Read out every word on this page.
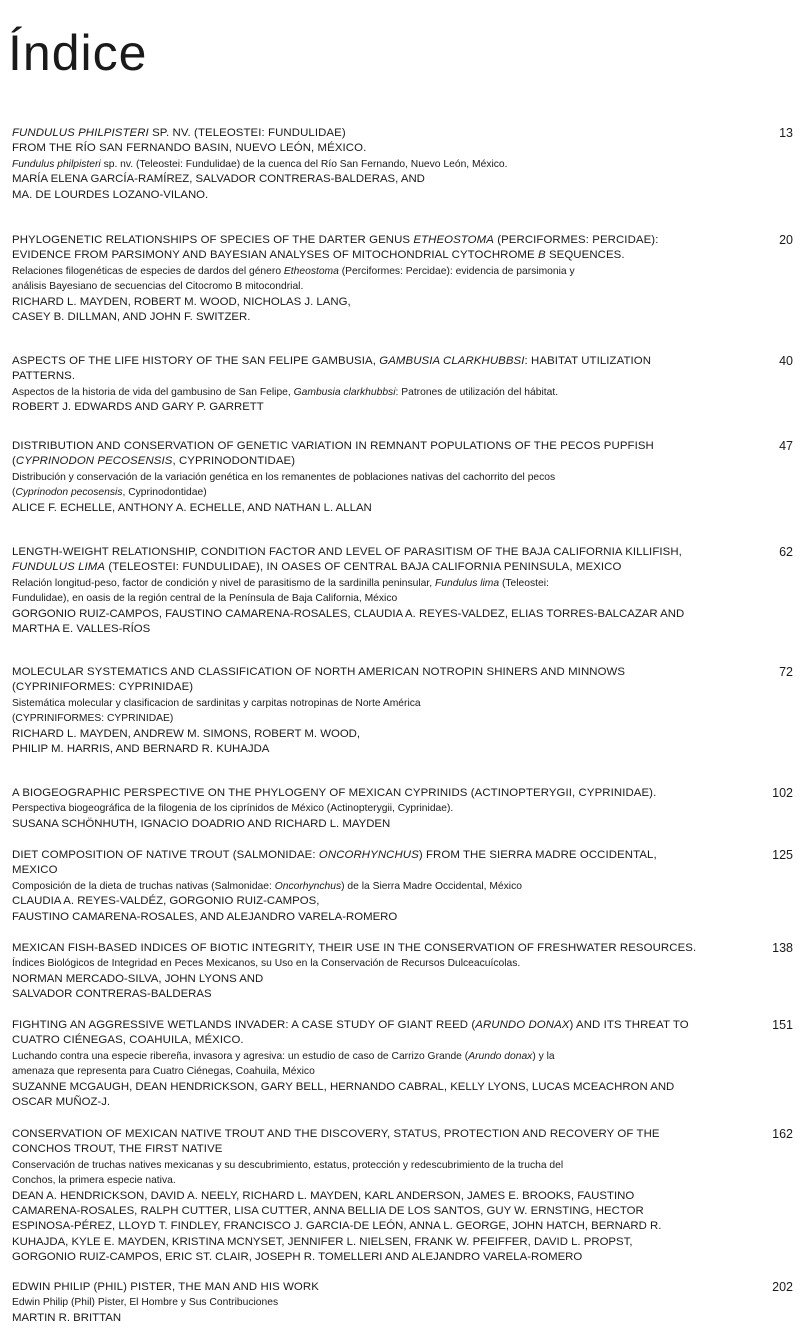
Índice
13
FUNDULUS PHILPISTERI SP. NV. (TELEOSTEI: FUNDULIDAE)
FROM THE RÍO SAN FERNANDO BASIN, NUEVO LEÓN, MÉXICO.
Fundulus philpisteri sp. nv. (Teleostei: Fundulidae) de la cuenca del Río San Fernando, Nuevo León, México.
MARÍA ELENA GARCÍA-RAMÍREZ, SALVADOR CONTRERAS-BALDERAS, AND
MA. DE LOURDES LOZANO-VILANO.
20
PHYLOGENETIC RELATIONSHIPS OF SPECIES OF THE DARTER GENUS ETHEOSTOMA (PERCIFORMES: PERCIDAE):
EVIDENCE FROM PARSIMONY AND BAYESIAN ANALYSES OF MITOCHONDRIAL CYTOCHROME B SEQUENCES.
Relaciones filogenéticas de especies de dardos del género Etheostoma (Perciformes: Percidae): evidencia de parsimonia y
análisis Bayesiano de secuencias del Citocromo B mitocondrial.
RICHARD L. MAYDEN, ROBERT M. WOOD, NICHOLAS J. LANG,
CASEY B. DILLMAN, AND JOHN F. SWITZER.
40
ASPECTS OF THE LIFE HISTORY OF THE SAN FELIPE GAMBUSIA, GAMBUSIA CLARKHUBBSI: HABITAT UTILIZATION
PATTERNS.
Aspectos de la historia de vida del gambusino de San Felipe, Gambusia clarkhubbsi: Patrones de utilización del hábitat.
ROBERT J. EDWARDS AND GARY P. GARRETT
47
DISTRIBUTION AND CONSERVATION OF GENETIC VARIATION IN REMNANT POPULATIONS OF THE PECOS PUPFISH
(CYPRINODON PECOSENSIS, CYPRINODONTIDAE)
Distribución y conservación de la variación genética en los remanentes de poblaciones nativas del cachorrito del pecos
(Cyprinodon pecosensis, Cyprinodontidae)
ALICE F. ECHELLE, ANTHONY A. ECHELLE, AND NATHAN L. ALLAN
62
LENGTH-WEIGHT RELATIONSHIP, CONDITION FACTOR AND LEVEL OF PARASITISM OF THE BAJA CALIFORNIA KILLIFISH,
FUNDULUS LIMA (TELEOSTEI: FUNDULIDAE), IN OASES OF CENTRAL BAJA CALIFORNIA PENINSULA, MEXICO
Relación longitud-peso, factor de condición y nivel de parasitismo de la sardinilla peninsular, Fundulus lima (Teleostei:
Fundulidae), en oasis de la región central de la Península de Baja California, México
GORGONIO RUIZ-CAMPOS, FAUSTINO CAMARENA-ROSALES, CLAUDIA A. REYES-VALDEZ, ELIAS TORRES-BALCAZAR AND
MARTHA E. VALLES-RÍOS
72
MOLECULAR SYSTEMATICS AND CLASSIFICATION OF NORTH AMERICAN NOTROPIN SHINERS AND MINNOWS
(CYPRINIFORMES: CYPRINIDAE)
Sistemática molecular y clasificacion de sardinitas y carpitas notropinas de Norte América
(CYPRINIFORMES: CYPRINIDAE)
RICHARD L. MAYDEN, ANDREW M. SIMONS, ROBERT M. WOOD,
PHILIP M. HARRIS, AND BERNARD R. KUHAJDA
102
A BIOGEOGRAPHIC PERSPECTIVE ON THE PHYLOGENY OF MEXICAN CYPRINIDS (ACTINOPTERYGII, CYPRINIDAE).
Perspectiva biogeográfica de la filogenia de los ciprínidos de México (Actinopterygii, Cyprinidae).
SUSANA SCHÖNHUTH, IGNACIO DOADRIO AND RICHARD L. MAYDEN
125
DIET COMPOSITION OF NATIVE TROUT (SALMONIDAE: ONCORHYNCHUS) FROM THE SIERRA MADRE OCCIDENTAL,
MEXICO
Composición de la dieta de truchas nativas (Salmonidae: Oncorhynchus) de la Sierra Madre Occidental, México
CLAUDIA A. REYES-VALDÉZ, GORGONIO RUIZ-CAMPOS,
FAUSTINO CAMARENA-ROSALES, AND ALEJANDRO VARELA-ROMERO
138
MEXICAN FISH-BASED INDICES OF BIOTIC INTEGRITY, THEIR USE IN THE CONSERVATION OF FRESHWATER RESOURCES.
Índices Biológicos de Integridad en Peces Mexicanos, su Uso en la Conservación de Recursos Dulceacuícolas.
NORMAN MERCADO-SILVA, JOHN LYONS AND
SALVADOR CONTRERAS-BALDERAS
151
FIGHTING AN AGGRESSIVE WETLANDS INVADER: A CASE STUDY OF GIANT REED (ARUNDO DONAX) AND ITS THREAT TO
CUATRO CIÉNEGAS, COAHUILA, MÉXICO.
Luchando contra una especie ribereña, invasora y agresiva: un estudio de caso de Carrizo Grande (Arundo donax) y la
amenaza que representa para Cuatro Ciénegas, Coahuila, México
SUZANNE MCGAUGH, DEAN HENDRICKSON, GARY BELL, HERNANDO CABRAL, KELLY LYONS, LUCAS MCEACHRON AND
OSCAR MUÑOZ-J.
162
CONSERVATION OF MEXICAN NATIVE TROUT AND THE DISCOVERY, STATUS, PROTECTION AND RECOVERY OF THE
CONCHOS TROUT, THE FIRST NATIVE
Conservación de truchas natives mexicanas y su descubrimiento, estatus, protección y redescubrimiento de la trucha del
Conchos, la primera especie nativa.
DEAN A. HENDRICKSON, DAVID A. NEELY, RICHARD L. MAYDEN, KARL ANDERSON, JAMES E. BROOKS, FAUSTINO
CAMARENA-ROSALES, RALPH CUTTER, LISA CUTTER, ANNA BELLIA DE LOS SANTOS, GUY W. ERNSTING, HECTOR
ESPINOSA-PÉREZ, LLOYD T. FINDLEY, FRANCISCO J. GARCIA-DE LEÓN, ANNA L. GEORGE, JOHN HATCH, BERNARD R.
KUHAJDA, KYLE E. MAYDEN, KRISTINA MCNYSET, JENNIFER L. NIELSEN, FRANK W. PFEIFFER, DAVID L. PROPST,
GORGONIO RUIZ-CAMPOS, ERIC ST. CLAIR, JOSEPH R. TOMELLERI AND ALEJANDRO VARELA-ROMERO
202
EDWIN PHILIP (PHIL) PISTER, THE MAN AND HIS WORK
Edwin Philip (Phil) Pister, El Hombre y Sus Contribuciones
MARTIN R. BRITTAN
